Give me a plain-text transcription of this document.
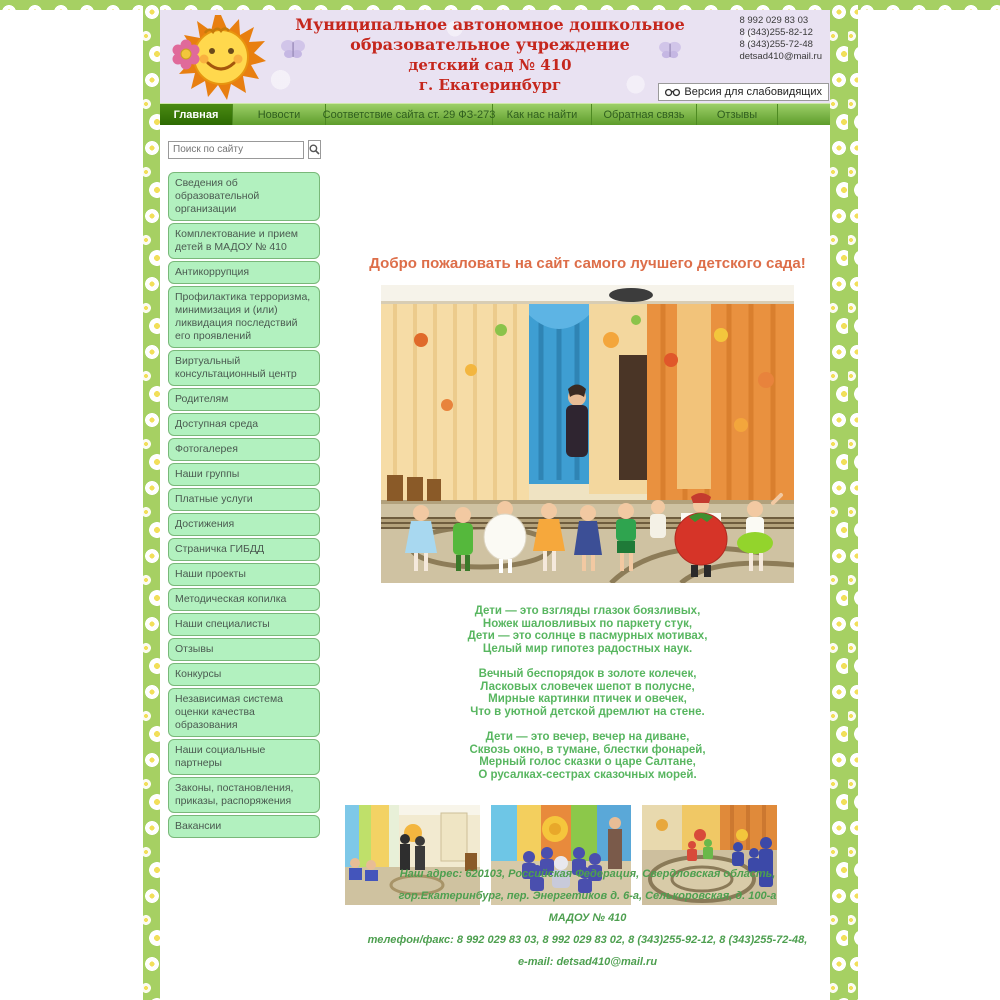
Муниципальное автономное дошкольное
образовательное учреждение
детский сад № 410
г. Екатеринбург
8 992 029 83 03
8 (343)255-82-12
8 (343)255-72-48
detsad410@mail.ru
Версия для слабовидящих
Главная	Новости	Соответствие сайта ст. 29 ФЗ-273	Как нас найти	Обратная связь	Отзывы
Поиск по сайту
Сведения об образовательной организации
Комплектование и прием детей в МАДОУ № 410
Антикоррупция
Профилактика терроризма, минимизация и (или) ликвидация последствий его проявлений
Виртуальный консультационный центр
Родителям
Доступная среда
Фотогалерея
Наши группы
Платные услуги
Достижения
Страничка ГИБДД
Наши проекты
Методическая копилка
Наши специалисты
Отзывы
Конкурсы
Независимая система оценки качества образования
Наши социальные партнеры
Законы, постановления, приказы, распоряжения
Вакансии
Добро пожаловать на сайт самого лучшего детского сада!
Дети — это взгляды глазок боязливых,
Ножек шаловливых по паркету стук,
Дети — это солнце в пасмурных мотивах,
Целый мир гипотез радостных наук.
Вечный беспорядок в золоте колечек,
Ласковых словечек шепот в полусне,
Мирные картинки птичек и овечек,
Что в уютной детской дремлют на стене.
Дети — это вечер, вечер на диване,
Сквозь окно, в тумане, блестки фонарей,
Мерный голос сказки о царе Салтане,
О русалках-сестрах сказочных морей.
Наш адрес: 620103, Российская Федерация, Свердловская область,
гор.Екатеринбург, пер. Энергетиков д. 6-а, Селькоровская, д. 100-а
МАДОУ № 410
телефон/факс: 8 992 029 83 03, 8 992 029 83 02, 8 (343)255-92-12, 8 (343)255-72-48,
e-mail: detsad410@mail.ru
